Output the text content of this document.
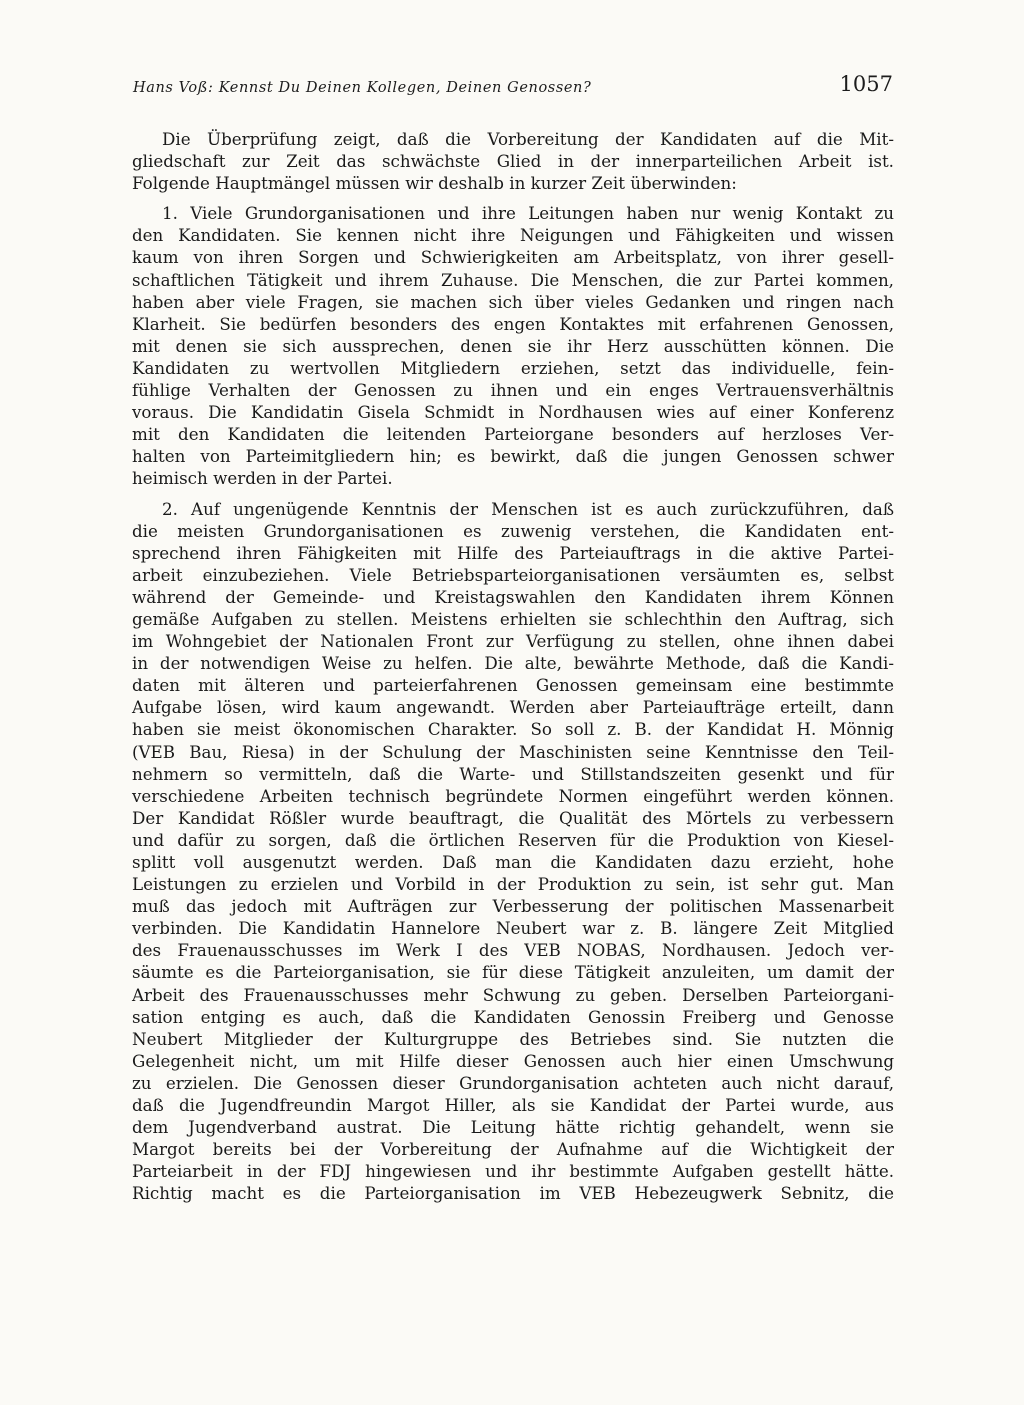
Hans Voß: Kennst Du Deinen Kollegen, Deinen Genossen?	1057
Die Überprüfung zeigt, daß die Vorbereitung der Kandidaten auf die Mit-
gliedschaft zur Zeit das schwächste Glied in der innerparteilichen Arbeit ist.
Folgende Hauptmängel müssen wir deshalb in kurzer Zeit überwinden:
1. Viele Grundorganisationen und ihre Leitungen haben nur wenig Kontakt zu
den Kandidaten. Sie kennen nicht ihre Neigungen und Fähigkeiten und wissen
kaum von ihren Sorgen und Schwierigkeiten am Arbeitsplatz, von ihrer gesell-
schaftlichen Tätigkeit und ihrem Zuhause. Die Menschen, die zur Partei kommen,
haben aber viele Fragen, sie machen sich über vieles Gedanken und ringen nach
Klarheit. Sie bedürfen besonders des engen Kontaktes mit erfahrenen Genossen,
mit denen sie sich aussprechen, denen sie ihr Herz ausschütten können. Die
Kandidaten zu wertvollen Mitgliedern erziehen, setzt das individuelle, fein-
fühlige Verhalten der Genossen zu ihnen und ein enges Vertrauensverhältnis
voraus. Die Kandidatin Gisela Schmidt in Nordhausen wies auf einer Konferenz
mit den Kandidaten die leitenden Parteiorgane besonders auf herzloses Ver-
halten von Parteimitgliedern hin; es bewirkt, daß die jungen Genossen schwer
heimisch werden in der Partei.
2. Auf ungenügende Kenntnis der Menschen ist es auch zurückzuführen, daß
die meisten Grundorganisationen es zuwenig verstehen, die Kandidaten ent-
sprechend ihren Fähigkeiten mit Hilfe des Parteiauftrags in die aktive Partei-
arbeit einzubeziehen. Viele Betriebsparteiorganisationen versäumten es, selbst
während der Gemeinde- und Kreistagswahlen den Kandidaten ihrem Können
gemäße Aufgaben zu stellen. Meistens erhielten sie schlechthin den Auftrag, sich
im Wohngebiet der Nationalen Front zur Verfügung zu stellen, ohne ihnen dabei
in der notwendigen Weise zu helfen. Die alte, bewährte Methode, daß die Kandi-
daten mit älteren und parteierfahrenen Genossen gemeinsam eine bestimmte
Aufgabe lösen, wird kaum angewandt. Werden aber Parteiaufträge erteilt, dann
haben sie meist ökonomischen Charakter. So soll z. B. der Kandidat H. Mönnig
(VEB Bau, Riesa) in der Schulung der Maschinisten seine Kenntnisse den Teil-
nehmern so vermitteln, daß die Warte- und Stillstandszeiten gesenkt und für
verschiedene Arbeiten technisch begründete Normen eingeführt werden können.
Der Kandidat Rößler wurde beauftragt, die Qualität des Mörtels zu verbessern
und dafür zu sorgen, daß die örtlichen Reserven für die Produktion von Kiesel-
splitt voll ausgenutzt werden. Daß man die Kandidaten dazu erzieht, hohe
Leistungen zu erzielen und Vorbild in der Produktion zu sein, ist sehr gut. Man
muß das jedoch mit Aufträgen zur Verbesserung der politischen Massenarbeit
verbinden. Die Kandidatin Hannelore Neubert war z. B. längere Zeit Mitglied
des Frauenausschusses im Werk I des VEB NOBAS, Nordhausen. Jedoch ver-
säumte es die Parteiorganisation, sie für diese Tätigkeit anzuleiten, um damit der
Arbeit des Frauenausschusses mehr Schwung zu geben. Derselben Parteiorgani-
sation entging es auch, daß die Kandidaten Genossin Freiberg und Genosse
Neubert Mitglieder der Kulturgruppe des Betriebes sind. Sie nutzten die
Gelegenheit nicht, um mit Hilfe dieser Genossen auch hier einen Umschwung
zu erzielen. Die Genossen dieser Grundorganisation achteten auch nicht darauf,
daß die Jugendfreundin Margot Hiller, als sie Kandidat der Partei wurde, aus
dem Jugendverband austrat. Die Leitung hätte richtig gehandelt, wenn sie
Margot bereits bei der Vorbereitung der Aufnahme auf die Wichtigkeit der
Parteiarbeit in der FDJ hingewiesen und ihr bestimmte Aufgaben gestellt hätte.
Richtig macht es die Parteiorganisation im VEB Hebezeugwerk Sebnitz, die
